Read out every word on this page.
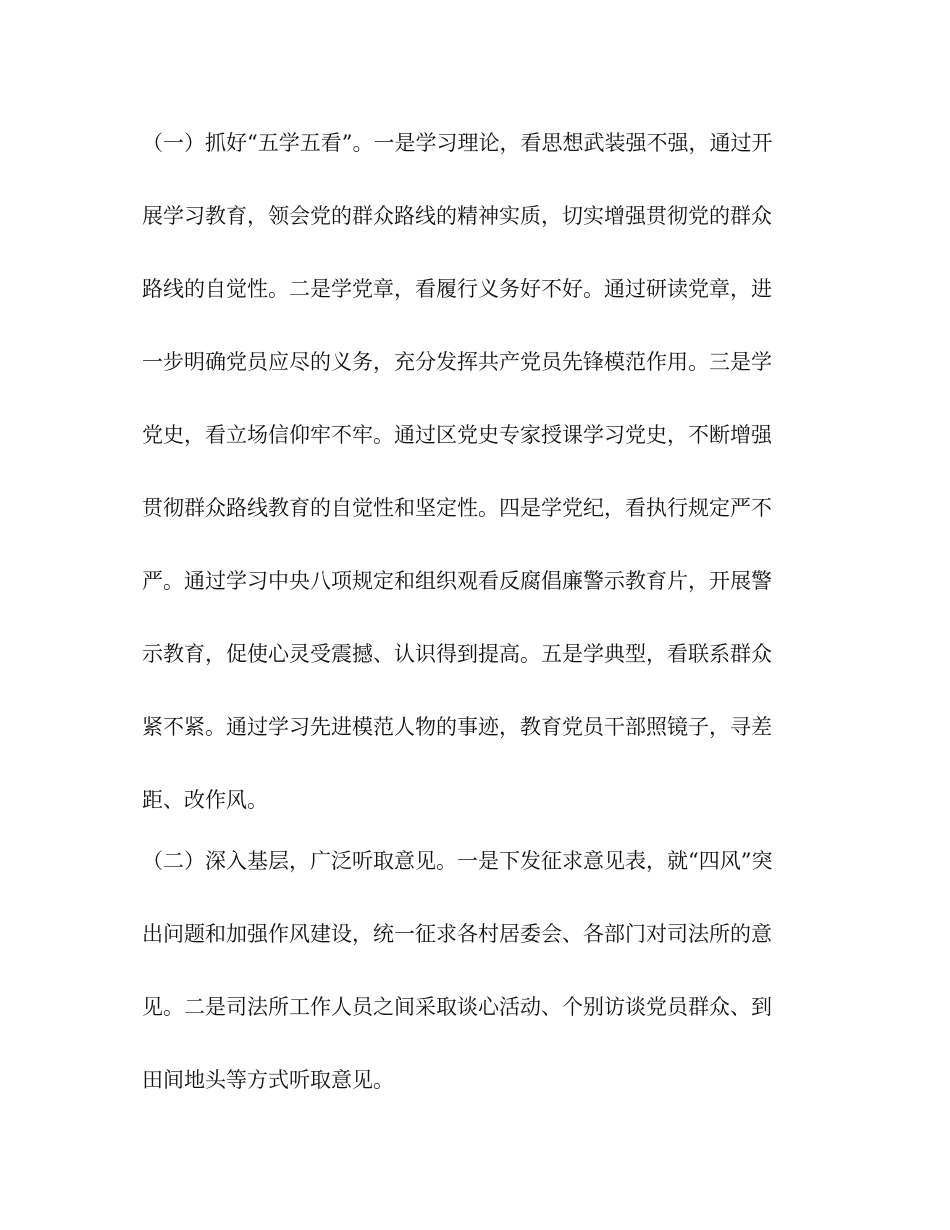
（一）抓好“五学五看”。一是学习理论，看思想武装强不强，通过开
展学习教育，领会党的群众路线的精神实质，切实增强贯彻党的群众
路线的自觉性。二是学党章，看履行义务好不好。通过研读党章，进
一步明确党员应尽的义务，充分发挥共产党员先锋模范作用。三是学
党史，看立场信仰牢不牢。通过区党史专家授课学习党史，不断增强
贯彻群众路线教育的自觉性和坚定性。四是学党纪，看执行规定严不
严。通过学习中央八项规定和组织观看反腐倡廉警示教育片，开展警
示教育，促使心灵受震撼、认识得到提高。五是学典型，看联系群众
紧不紧。通过学习先进模范人物的事迹，教育党员干部照镜子，寻差
距、改作风。
（二）深入基层，广泛听取意见。一是下发征求意见表，就“四风”突
出问题和加强作风建设，统一征求各村居委会、各部门对司法所的意
见。二是司法所工作人员之间采取谈心活动、个别访谈党员群众、到
田间地头等方式听取意见。
